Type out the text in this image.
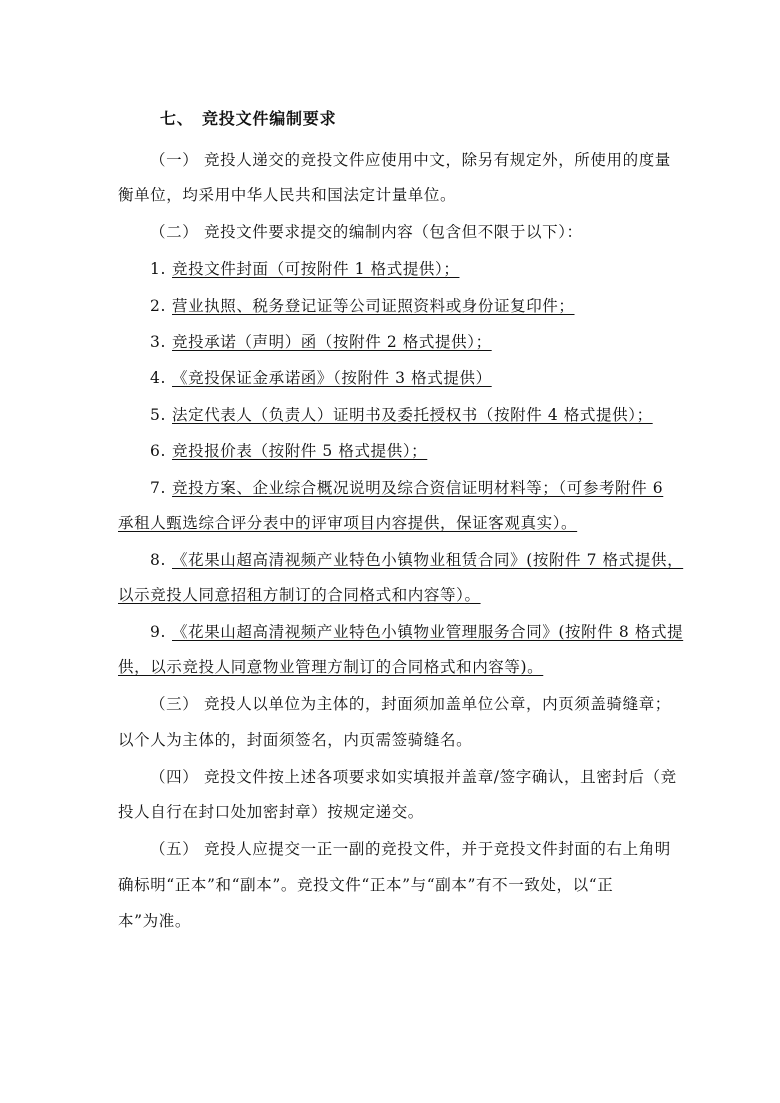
七、 竞投文件编制要求
（一） 竞投人递交的竞投文件应使用中文，除另有规定外，所使用的度量
衡单位，均采用中华人民共和国法定计量单位。
（二） 竞投文件要求提交的编制内容（包含但不限于以下）：
1. 竞投文件封面（可按附件 1 格式提供）；
2. 营业执照、税务登记证等公司证照资料或身份证复印件；
3. 竞投承诺（声明）函（按附件 2 格式提供）；
4. 《竞投保证金承诺函》（按附件 3 格式提供）
5. 法定代表人（负责人）证明书及委托授权书（按附件 4 格式提供）；
6. 竞投报价表（按附件 5 格式提供）；
7. 竞投方案、企业综合概况说明及综合资信证明材料等；（可参考附件 6
承租人甄选综合评分表中的评审项目内容提供，保证客观真实）。
8. 《花果山超高清视频产业特色小镇物业租赁合同》(按附件 7 格式提供，
以示竞投人同意招租方制订的合同格式和内容等）。
9. 《花果山超高清视频产业特色小镇物业管理服务合同》(按附件 8 格式提
供，以示竞投人同意物业管理方制订的合同格式和内容等)。
（三） 竞投人以单位为主体的，封面须加盖单位公章，内页须盖骑缝章；
以个人为主体的，封面须签名，内页需签骑缝名。
（四） 竞投文件按上述各项要求如实填报并盖章/签字确认，且密封后（竞
投人自行在封口处加密封章）按规定递交。
（五） 竞投人应提交一正一副的竞投文件，并于竞投文件封面的右上角明
确标明“正本”和“副本”。竞投文件“正本”与“副本”有不一致处，以“正
本”为准。
